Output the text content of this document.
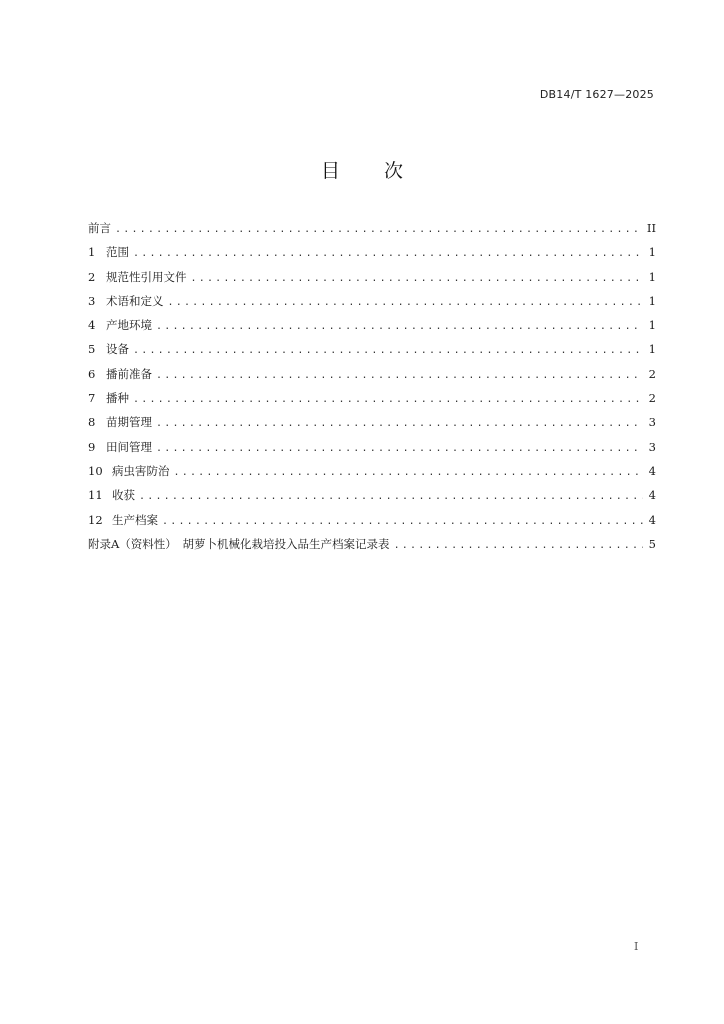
DB14/T 1627—2025
目 次
前言 .....	II
1 范围 .....	1
2 规范性引用文件 .....	1
3 术语和定义 .....	1
4 产地环境 .....	1
5 设备 .....	1
6 播前准备 .....	2
7 播种 .....	2
8 苗期管理 .....	3
9 田间管理 .....	3
10 病虫害防治 .....	4
11 收获 .....	4
12 生产档案 .....	4
附录A（资料性）　胡萝卜机械化栽培投入品生产档案记录表 .....	5
I
